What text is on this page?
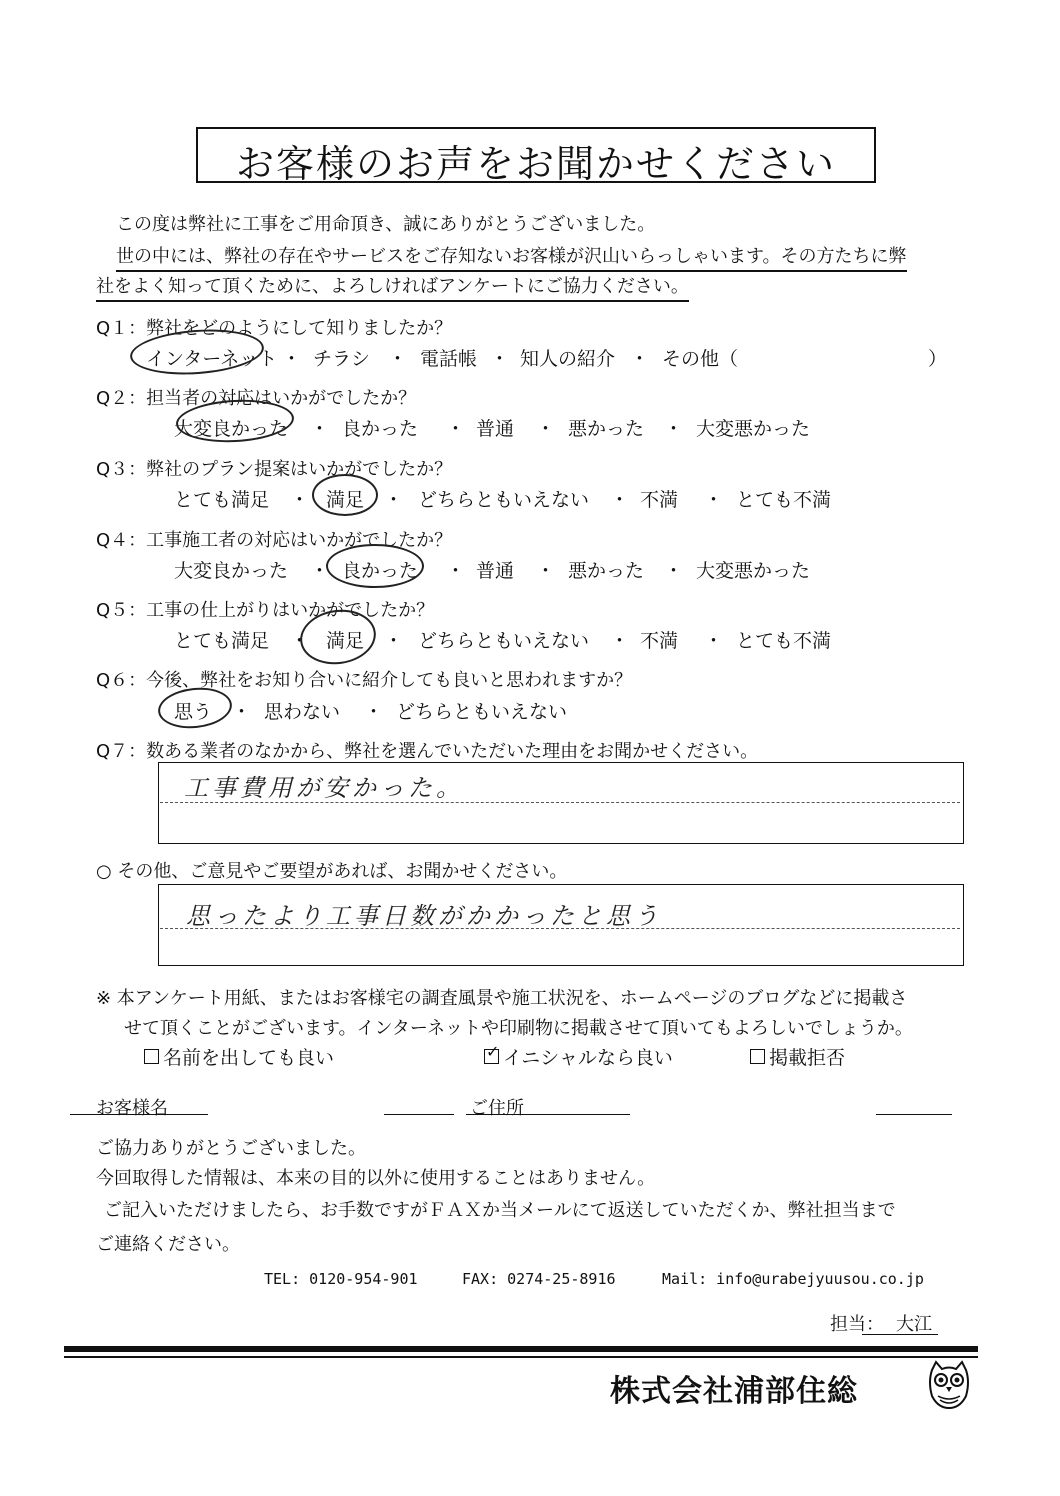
お客様のお声をお聞かせください
この度は弊社に工事をご用命頂き、誠にありがとうございました。
世の中には、弊社の存在やサービスをご存知ないお客様が沢山いらっしゃいます。その方たちに弊
社をよく知って頂くために、よろしければアンケートにご協力ください。
Q１：弊社をどのようにして知りましたか？
インターネット ・ チラシ ・ 電話帳 ・ 知人の紹介 ・ その他（	）
Q２：担当者の対応はいかがでしたか？
大変良かった ・ 良かった ・ 普通 ・ 悪かった ・ 大変悪かった
Q３：弊社のプラン提案はいかがでしたか？
とても満足 ・ 満足 ・ どちらともいえない ・ 不満 ・ とても不満
Q４：工事施工者の対応はいかがでしたか？
大変良かった ・ 良かった ・ 普通 ・ 悪かった ・ 大変悪かった
Q５：工事の仕上がりはいかがでしたか？
とても満足 ・ 満足 ・ どちらともいえない ・ 不満 ・ とても不満
Q６：今後、弊社をお知り合いに紹介しても良いと思われますか？
思う ・ 思わない ・ どちらともいえない
Q７：数ある業者のなかから、弊社を選んでいただいた理由をお聞かせください。
工事費用が安かった。
○ その他、ご意見やご要望があれば、お聞かせください。
思ったより工事日数がかかったと思う
※ 本アンケート用紙、またはお客様宅の調査風景や施工状況を、ホームページのブログなどに掲載さ
せて頂くことがございます。インターネットや印刷物に掲載させて頂いてもよろしいでしょうか。
名前を出しても良い	✓ イニシャルなら良い	掲載拒否
お客様名	ご住所
ご協力ありがとうございました。
今回取得した情報は、本来の目的以外に使用することはありません。
ご記入いただけましたら、お手数ですがＦＡＸか当メールにて返送していただくか、弊社担当まで
ご連絡ください。
TEL: 0120-954-901	FAX: 0274-25-8916	Mail: info@urabejyuusou.co.jp
担当： 大江
株式会社浦部住総
